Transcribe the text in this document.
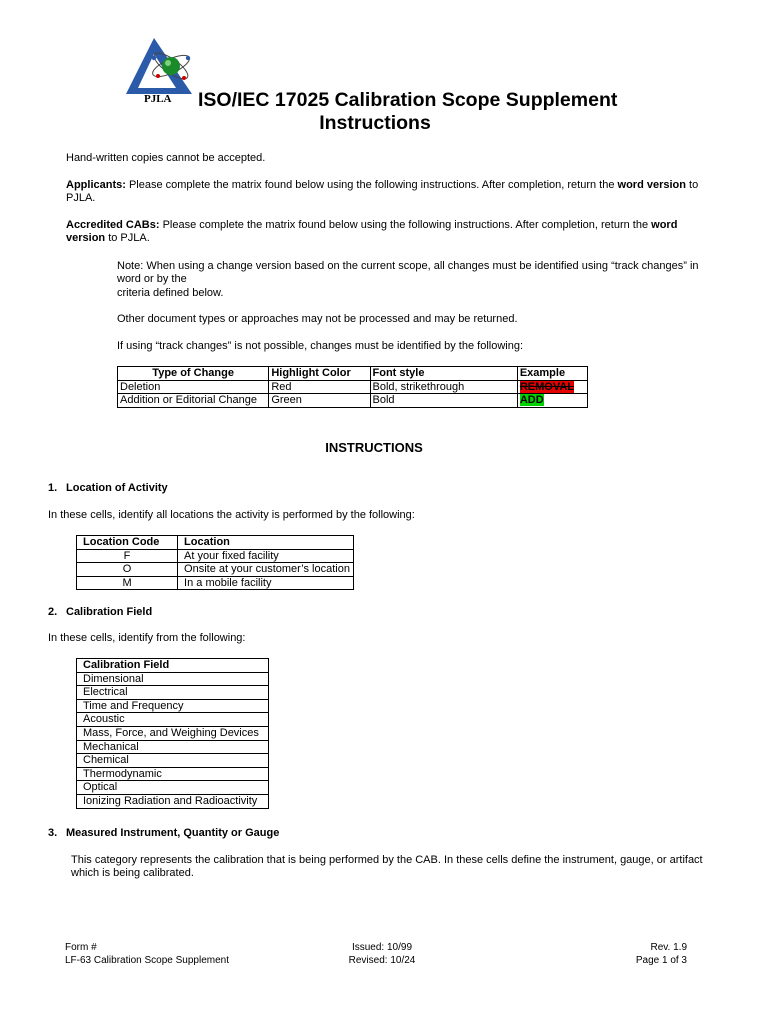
PJLA ISO/IEC 17025 Calibration Scope Supplement
Instructions
Hand-written copies cannot be accepted.
Applicants: Please complete the matrix found below using the following instructions. After completion, return the word version to PJLA.
Accredited CABs: Please complete the matrix found below using the following instructions. After completion, return the word version to PJLA.
Note: When using a change version based on the current scope, all changes must be identified using “track changes” in word or by the
criteria defined below.
Other document types or approaches may not be processed and may be returned.
If using “track changes” is not possible, changes must be identified by the following:
Type of Change	Highlight Color	Font style	Example
Deletion	Red	Bold, strikethrough	REMOVAL
Addition or Editorial Change	Green	Bold	ADD
INSTRUCTIONS
1. Location of Activity
In these cells, identify all locations the activity is performed by the following:
Location Code	Location
F	At your fixed facility
O	Onsite at your customer’s location
M	In a mobile facility
2. Calibration Field
In these cells, identify from the following:
Calibration Field
Dimensional
Electrical
Time and Frequency
Acoustic
Mass, Force, and Weighing Devices
Mechanical
Chemical
Thermodynamic
Optical
Ionizing Radiation and Radioactivity
3. Measured Instrument, Quantity or Gauge
This category represents the calibration that is being performed by the CAB. In these cells define the instrument, gauge, or artifact
which is being calibrated.
Form #
LF-63 Calibration Scope Supplement
Issued: 10/99
Revised: 10/24
Rev. 1.9
Page 1 of 3
